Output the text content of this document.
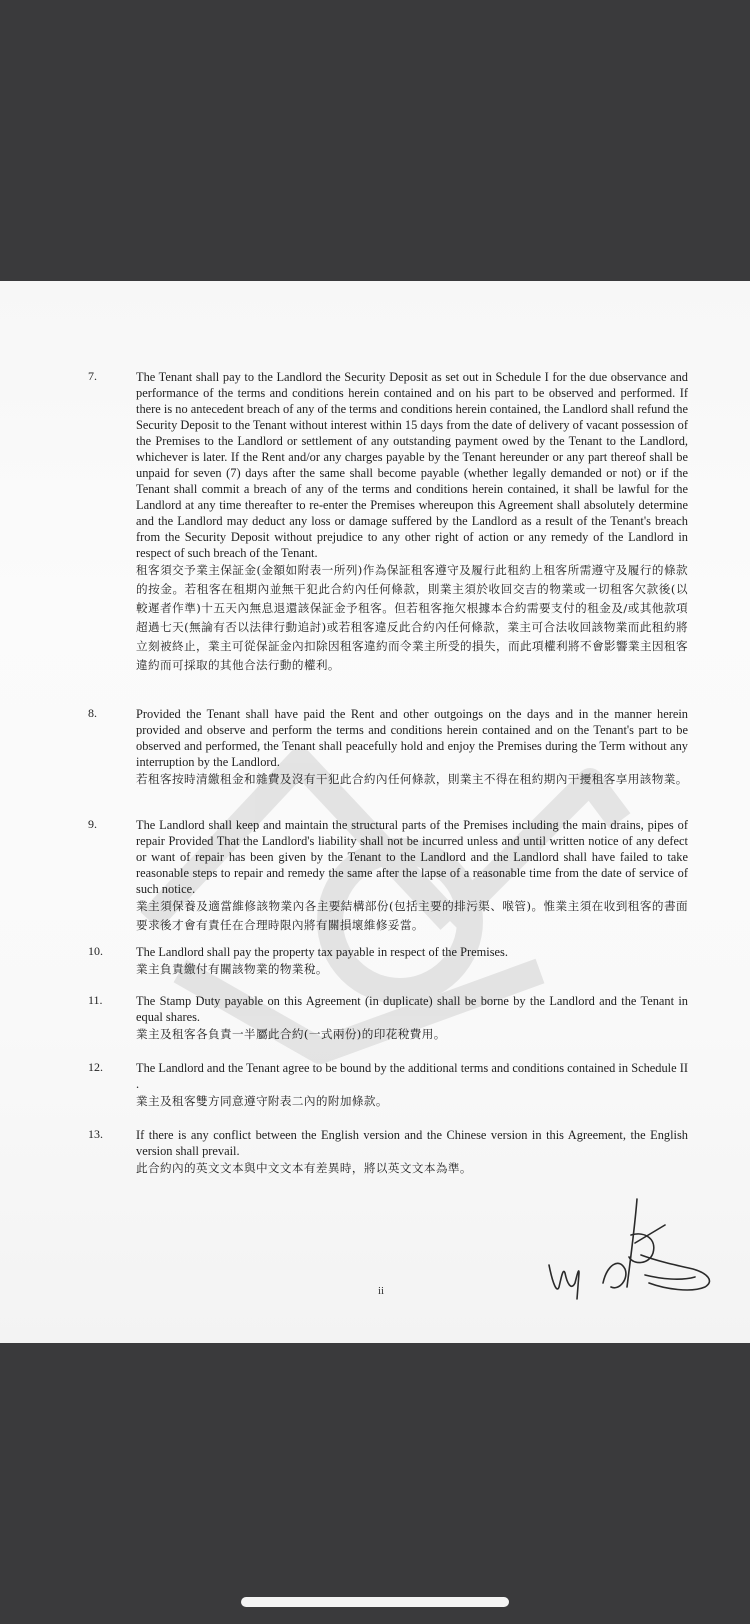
7.	The Tenant shall pay to the Landlord the Security Deposit as set out in Schedule I for the due observance and performance of the terms and conditions herein contained and on his part to be observed and performed. If there is no antecedent breach of any of the terms and conditions herein contained, the Landlord shall refund the Security Deposit to the Tenant without interest within 15 days from the date of delivery of vacant possession of the Premises to the Landlord or settlement of any outstanding payment owed by the Tenant to the Landlord, whichever is later. If the Rent and/or any charges payable by the Tenant hereunder or any part thereof shall be unpaid for seven (7) days after the same shall become payable (whether legally demanded or not) or if the Tenant shall commit a breach of any of the terms and conditions herein contained, it shall be lawful for the Landlord at any time thereafter to re-enter the Premises whereupon this Agreement shall absolutely determine and the Landlord may deduct any loss or damage suffered by the Landlord as a result of the Tenant's breach from the Security Deposit without prejudice to any other right of action or any remedy of the Landlord in respect of such breach of the Tenant.
租客須交予業主保証金(金額如附表一所列)作為保証租客遵守及履行此租約上租客所需遵守及履行的條款的按金。若租客在租期內並無干犯此合約內任何條款，則業主須於收回交吉的物業或一切租客欠款後(以較遲者作準)十五天內無息退還該保証金予租客。但若租客拖欠根據本合約需要支付的租金及/或其他款項超過七天(無論有否以法律行動追討)或若租客違反此合約內任何條款，業主可合法收回該物業而此租約將立刻被終止，業主可從保証金內扣除因租客違約而令業主所受的損失，而此項權利將不會影響業主因租客違約而可採取的其他合法行動的權利。
8.	Provided the Tenant shall have paid the Rent and other outgoings on the days and in the manner herein provided and observe and perform the terms and conditions herein contained and on the Tenant's part to be observed and performed, the Tenant shall peacefully hold and enjoy the Premises during the Term without any interruption by the Landlord.
若租客按時清繳租金和雜費及沒有干犯此合約內任何條款，則業主不得在租約期內干擾租客享用該物業。
9.	The Landlord shall keep and maintain the structural parts of the Premises including the main drains, pipes of repair Provided That the Landlord's liability shall not be incurred unless and until written notice of any defect or want of repair has been given by the Tenant to the Landlord and the Landlord shall have failed to take reasonable steps to repair and remedy the same after the lapse of a reasonable time from the date of service of such notice.
業主須保養及適當維修該物業內各主要結構部份(包括主要的排污渠、喉管)。惟業主須在收到租客的書面要求後才會有責任在合理時限內將有關損壞維修妥當。
10.	The Landlord shall pay the property tax payable in respect of the Premises.
業主負責繳付有關該物業的物業稅。
11.	The Stamp Duty payable on this Agreement (in duplicate) shall be borne by the Landlord and the Tenant in equal shares.
業主及租客各負責一半屬此合約(一式兩份)的印花稅費用。
12.	The Landlord and the Tenant agree to be bound by the additional terms and conditions contained in Schedule II .
業主及租客雙方同意遵守附表二內的附加條款。
13.	If there is any conflict between the English version and the Chinese version in this Agreement, the English version shall prevail.
此合約內的英文文本與中文文本有差異時，將以英文文本為準。
ii
